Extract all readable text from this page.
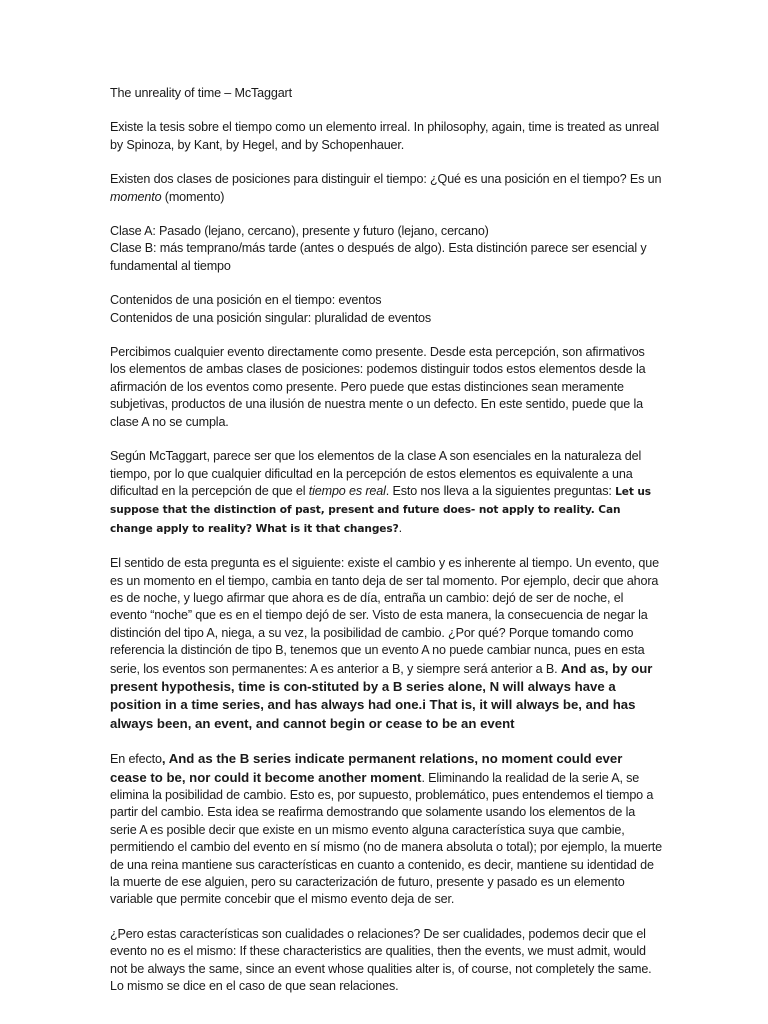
The unreality of time – McTaggart

Existe la tesis sobre el tiempo como un elemento irreal. In philosophy, again, time is treated as unreal by Spinoza, by Kant, by Hegel, and by Schopenhauer.

Existen dos clases de posiciones para distinguir el tiempo: ¿Qué es una posición en el tiempo? Es un momento (momento)

Clase A: Pasado (lejano, cercano), presente y futuro (lejano, cercano)

Clase B: más temprano/más tarde (antes o después de algo). Esta distinción parece ser esencial y fundamental al tiempo

Contenidos de una posición en el tiempo: eventos

Contenidos de una posición singular: pluralidad de eventos

Percibimos cualquier evento directamente como presente. Desde esta percepción, son afirmativos los elementos de ambas clases de posiciones: podemos distinguir todos estos elementos desde la afirmación de los eventos como presente. Pero puede que estas distinciones sean meramente subjetivas, productos de una ilusión de nuestra mente o un defecto. En este sentido, puede que la clase A no se cumpla.

Según McTaggart, parece ser que los elementos de la clase A son esenciales en la naturaleza del tiempo, por lo que cualquier dificultad en la percepción de estos elementos es equivalente a una dificultad en la percepción de que el tiempo es real. Esto nos lleva a la siguientes preguntas: Let us suppose that the distinction of past, present and future does- not apply to reality. Can change apply to reality? What is it that changes?.

El sentido de esta pregunta es el siguiente: existe el cambio y es inherente al tiempo. Un evento, que es un momento en el tiempo, cambia en tanto deja de ser tal momento. Por ejemplo, decir que ahora es de noche, y luego afirmar que ahora es de día, entraña un cambio: dejó de ser de noche, el evento “noche” que es en el tiempo dejó de ser. Visto de esta manera, la consecuencia de negar la distinción del tipo A, niega, a su vez, la posibilidad de cambio. ¿Por qué? Porque tomando como referencia la distinción de tipo B, tenemos que un evento A no puede cambiar nunca, pues en esta serie, los eventos son permanentes: A es anterior a B, y siempre será anterior a B. And as, by our present hypothesis, time is con-stituted by a B series alone, N will always have a position in a time series, and has always had one.i That is, it will always be, and has always been, an event, and cannot begin or cease to be an event

En efecto, And as the B series indicate permanent relations, no moment could ever cease to be, nor could it become another moment. Eliminando la realidad de la serie A, se elimina la posibilidad de cambio. Esto es, por supuesto, problemático, pues entendemos el tiempo a partir del cambio. Esta idea se reafirma demostrando que solamente usando los elementos de la serie A es posible decir que existe en un mismo evento alguna característica suya que cambie, permitiendo el cambio del evento en sí mismo (no de manera absoluta o total); por ejemplo, la muerte de una reina mantiene sus características en cuanto a contenido, es decir, mantiene su identidad de la muerte de ese alguien, pero su caracterización de futuro, presente y pasado es un elemento variable que permite concebir que el mismo evento deja de ser.

¿Pero estas características son cualidades o relaciones? De ser cualidades, podemos decir que el evento no es el mismo: If these characteristics are qualities, then the events, we must admit, would not be always the same, since an event whose qualities alter is, of course, not completely the same. Lo mismo se dice en el caso de que sean relaciones.
